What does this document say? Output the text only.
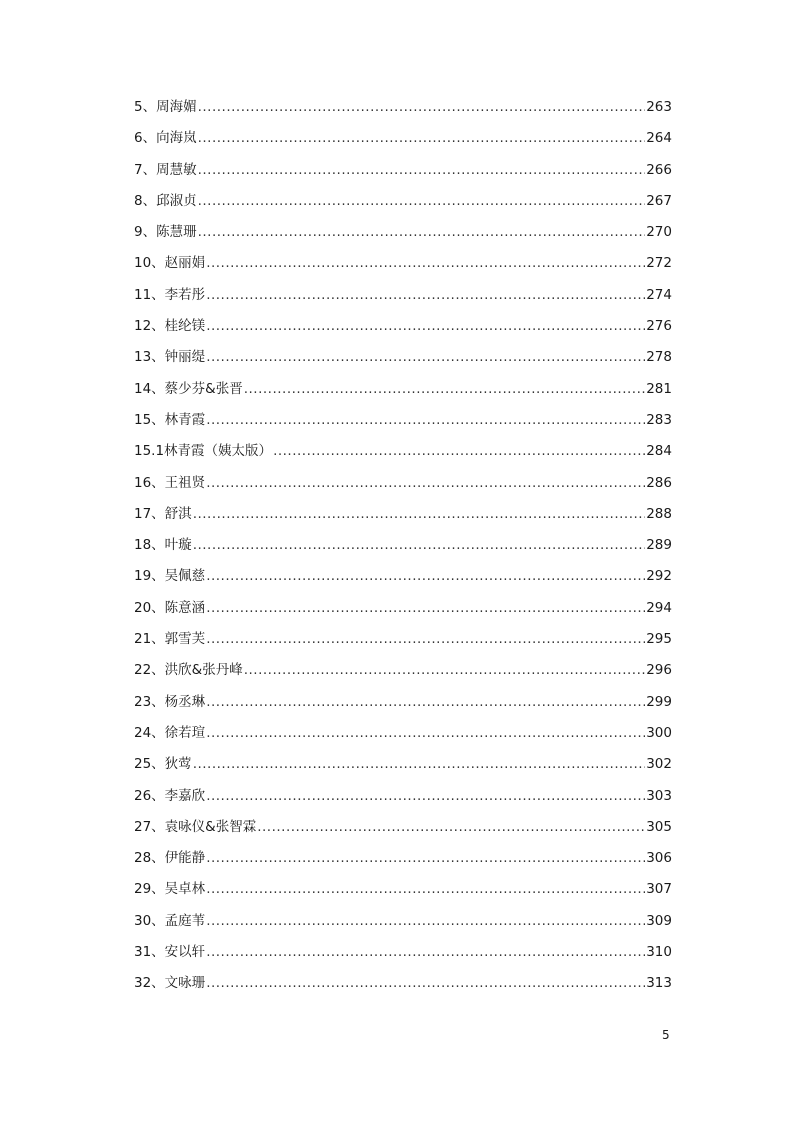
5、周海媚 .....	263
6、向海岚 .....	264
7、周慧敏 .....	266
8、邱淑贞 .....	267
9、陈慧珊 .....	270
10、赵丽娟 .....	272
11、李若彤 .....	274
12、桂纶镁 .....	276
13、钟丽缇 .....	278
14、蔡少芬&张晋 .....	281
15、林青霞 .....	283
15.1林青霞（姨太版） .....	284
16、王祖贤 .....	286
17、舒淇 .....	288
18、叶璇 .....	289
19、吴佩慈 .....	292
20、陈意涵 .....	294
21、郭雪芙 .....	295
22、洪欣&张丹峰 .....	296
23、杨丞琳 .....	299
24、徐若瑄 .....	300
25、狄莺 .....	302
26、李嘉欣 .....	303
27、袁咏仪&张智霖 .....	305
28、伊能静 .....	306
29、吴卓林 .....	307
30、孟庭苇 .....	309
31、安以轩 .....	310
32、文咏珊 .....	313
5
